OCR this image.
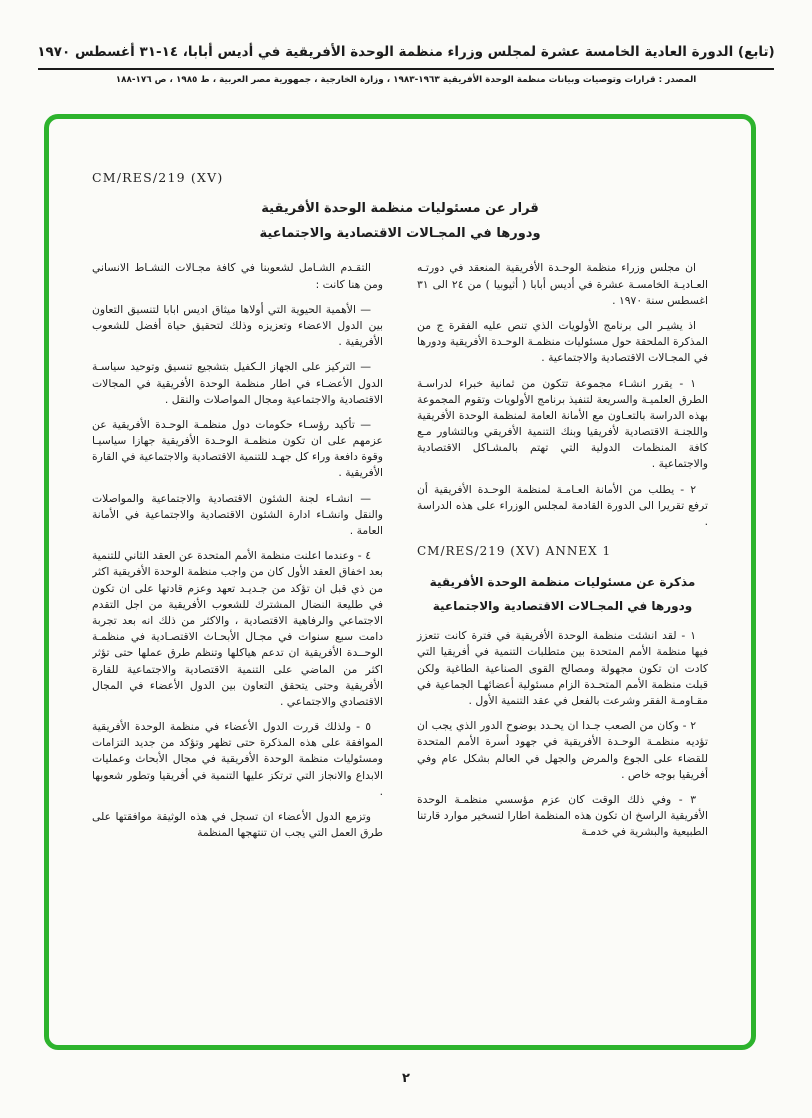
(تابع) الدورة العادية الخامسة عشرة لمجلس وزراء منظمة الوحدة الأفريقية في أديس أبابا، ١٤-٣١ أغسطس ١٩٧٠
المصدر : قرارات وتوصيات وبيانات منظمة الوحدة الأفريقية ١٩٦٣-١٩٨٣ ، وزارة الخارجية ، جمهورية مصر العربية ، ط ١٩٨٥ ، ص ١٧٦-١٨٨
CM/RES/219 (XV)
قرار عن مسئوليات منظمة الوحدة الأفريقية
ودورها في المجـالات الاقتصادية والاجتماعية

ان مجلس وزراء منظمة الوحـدة الأفريقية المنعقد في دورتـه العـاديـة الخامسـة عشرة في أديس أبابا ( أثيوبيا ) من ٢٤ الى ٣١ اغسطس سنة ١٩٧٠ .

اذ يشيـر الى برنامج الأولويات الذي تنص عليه الفقرة ج من المذكرة الملحقة حول مسئوليات منظمـة الوحـدة الأفريقية ودورها في المجـالات الاقتصادية والاجتماعية .

١ - يقرر انشـاء مجموعة تتكون من ثمانية خبراء لدراسـة الطرق العلميـة والسريعة لتنفيذ برنامج الأولويات وتقوم المجموعة بهذه الدراسة بالتعـاون مع الأمانة العامة لمنظمة الوحدة الأفريقية واللجنـة الاقتصادية لأفريقيا وبنك التنمية الأفريقي وبالتشاور مـع كافة المنظمات الدولية التي تهتم بالمشـاكل الاقتصادية والاجتماعية .

٢ - يطلب من الأمانة العـامـة لمنظمة الوحـدة الأفريقية أن ترفع تقريرا الى الدورة القادمة لمجلس الوزراء على هذه الدراسة .

CM/RES/219 (XV) ANNEX 1
مذكرة عن مسئوليات منظمة الوحدة الأفريقية
ودورها في المجـالات الاقتصادية والاجتماعية

١ - لقد انشئت منظمة الوحدة الأفريقية في فترة كانت تتعزز فيها منظمة الأمم المتحدة بين متطلبات التنمية في أفريقيا التي كادت ان تكون مجهولة ومصالح القوى الصناعية الطاغية ولكن قبلت منظمة الأمم المتحـدة الزام مسئولية أعضائهـا الجماعية في مقـاومـة الفقر وشرعت بالفعل في عقد التنمية الأول .

٢ - وكان من الصعب جـدا ان يحـدد بوضوح الدور الذي يجب ان تؤديه منظمـة الوحـدة الأفريقية في جهود أسرة الأمم المتحدة للقضاء على الجوع والمرض والجهل في العالم بشكل عام وفي أفريقيا بوجه خاص .

٣ - وفي ذلك الوقت كان عزم مؤسسي منظمـة الوحدة الأفريقية الراسخ ان تكون هذه المنظمة اطارا لتسخير موارد قارتنا الطبيعية والبشرية في خدمـة

التقـدم الشـامل لشعوبنا في كافة مجـالات النشـاط الانساني ومن هنا كانت :

— الأهمية الحيوية التي أولاها ميثاق اديس ابابا لتنسيق التعاون بين الدول الاعضاء وتعزيزه وذلك لتحقيق حياة أفضل للشعوب الأفريقية .

— التركيز على الجهاز الـكفيل بتشجيع تنسيق وتوحيد سياسـة الدول الأعضـاء في اطار منظمة الوحدة الأفريقية في المجالات الاقتصادية والاجتماعية ومجال المواصلات والنقل .

— تأكيد رؤسـاء حكومات دول منظمـة الوحـدة الأفريقية عن عزمهم على ان تكون منظمـة الوحـدة الأفريقية جهازا سياسيـا وقوة دافعة وراء كل جهـد للتنمية الاقتصادية والاجتماعية في القارة الأفريقية .

— انشـاء لجنة الشئون الاقتصادية والاجتماعية والمواصلات والنقل وانشـاء ادارة الشئون الاقتصادية والاجتماعية في الأمانة العامة .

٤ - وعندما اعلنت منظمة الأمم المتحدة عن العقد الثاني للتنمية بعد اخفاق العقد الأول كان من واجب منظمة الوحدة الأفريقية اكثر من ذي قبل ان تؤكد من جـديـد تعهد وعزم قادتها على ان تكون في طليعة النضال المشترك للشعوب الأفريقية من اجل التقدم الاجتماعي والرفاهية الاقتصادية ، والاكثر من ذلك انه بعد تجربة دامت سبع سنوات في مجـال الأبحـاث الاقتصـادية في منظمـة الوحــدة الأفريقية ان تدعم هياكلها وتنظم طرق عملها حتى تؤثر اكثر من الماضي على التنمية الاقتصادية والاجتماعية للقارة الأفريقية وحتى يتحقق التعاون بين الدول الأعضاء في المجال الاقتصادي والاجتماعي .

٥ - ولذلك قررت الدول الأعضاء في منظمة الوحدة الأفريقية الموافقة على هذه المذكرة حتى تظهر وتؤكد من جديد التزامات ومسئوليات منظمة الوحدة الأفريقية في مجال الأبحاث وعمليات الابداع والانجاز التي ترتكز عليها التنمية في أفريقيا وتطور شعوبها .

وتزمع الدول الأعضاء ان تسجل في هذه الوثيقة موافقتها على طرق العمل التي يجب ان تنتهجها المنظمة

٢
